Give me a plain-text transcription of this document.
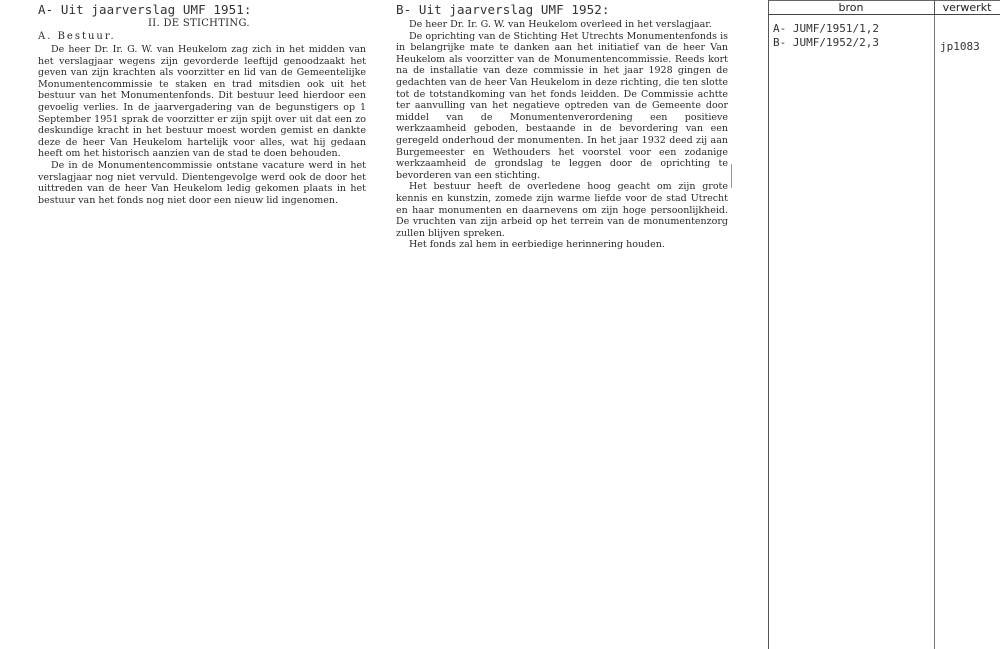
A- Uit jaarverslag UMF 1951:
II. DE STICHTING.
A. Bestuur.

De heer Dr. Ir. G. W. van Heukelom zag zich in het midden van het verslagjaar wegens zijn gevorderde leeftijd genoodzaakt het geven van zijn krachten als voorzitter en lid van de Gemeentelijke Monumentencommissie te staken en trad mitsdien ook uit het bestuur van het Monumentenfonds. Dit bestuur leed hierdoor een gevoelig verlies. In de jaarvergadering van de begunstigers op 1 September 1951 sprak de voorzitter er zijn spijt over uit dat een zo deskundige kracht in het bestuur moest worden gemist en dankte deze de heer Van Heukelom hartelijk voor alles, wat hij gedaan heeft om het historisch aanzien van de stad te doen behouden.

De in de Monumentencommissie ontstane vacature werd in het verslagjaar nog niet vervuld. Dientengevolge werd ook de door het uittreden van de heer Van Heukelom ledig gekomen plaats in het bestuur van het fonds nog niet door een nieuw lid ingenomen.

B- Uit jaarverslag UMF 1952:

De heer Dr. Ir. G. W. van Heukelom overleed in het verslagjaar.

De oprichting van de Stichting Het Utrechts Monumentenfonds is in belangrijke mate te danken aan het initiatief van de heer Van Heukelom als voorzitter van de Monumentencommissie. Reeds kort na de installatie van deze commissie in het jaar 1928 gingen de gedachten van de heer Van Heukelom in deze richting, die ten slotte tot de totstandkoming van het fonds leidden. De Commissie achtte ter aanvulling van het negatieve optreden van de Gemeente door middel van de Monumentenverordening een positieve werkzaamheid geboden, bestaande in de bevordering van een geregeld onderhoud der monumenten. In het jaar 1932 deed zij aan Burgemeester en Wethouders het voorstel voor een zodanige werkzaamheid de grondslag te leggen door de oprichting te bevorderen van een stichting.

Het bestuur heeft de overledene hoog geacht om zijn grote kennis en kunstzin, zomede zijn warme liefde voor de stad Utrecht en haar monumenten en daarnevens om zijn hoge persoonlijkheid. De vruchten van zijn arbeid op het terrein van de monumentenzorg zullen blijven spreken.

Het fonds zal hem in eerbiedige herinnering houden.

bron	verwerkt
A- JUMF/1951/1,2
B- JUMF/1952/2,3	jp1083
